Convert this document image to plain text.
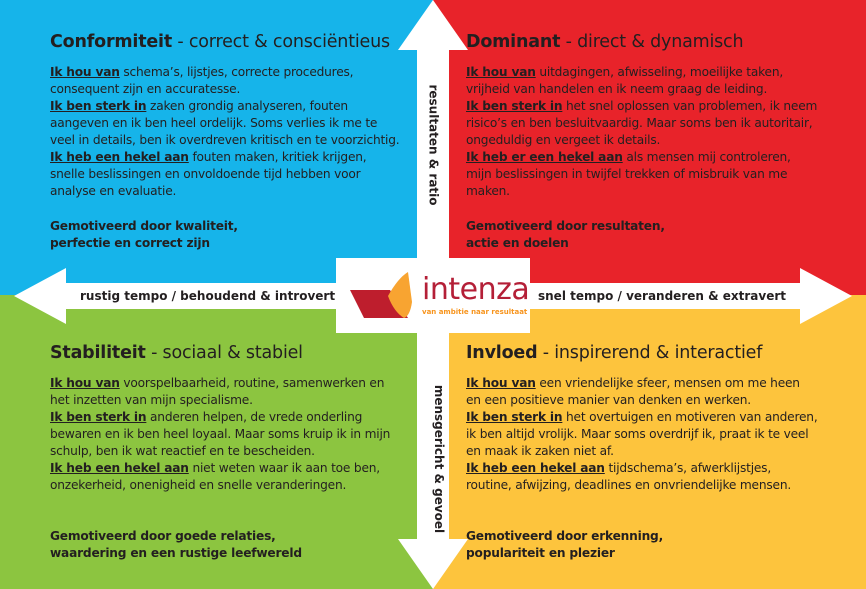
resultaten & ratio
mensgericht & gevoel
rustig tempo / behoudend & introvert	snel tempo / veranderen & extravert
intenza
van ambitie naar resultaat
Conformiteit - correct & consciëntieus
Ik hou van schema’s, lijstjes, correcte procedures, consequent zijn en accuratesse.
Ik ben sterk in zaken grondig analyseren, fouten aangeven en ik ben heel ordelijk. Soms verlies ik me te veel in details, ben ik overdreven kritisch en te voorzichtig.
Ik heb een hekel aan fouten maken, kritiek krijgen, snelle beslissingen en onvoldoende tijd hebben voor analyse en evaluatie.
Gemotiveerd door kwaliteit,
perfectie en correct zijn
Dominant - direct & dynamisch
Ik hou van uitdagingen, afwisseling, moeilijke taken, vrijheid van handelen en ik neem graag de leiding.
Ik ben sterk in het snel oplossen van problemen, ik neem risico’s en ben besluitvaardig. Maar soms ben ik autoritair, ongeduldig en vergeet ik details.
Ik heb er een hekel aan als mensen mij controleren, mijn beslissingen in twijfel trekken of misbruik van me maken.
Gemotiveerd door resultaten,
actie en doelen
Stabiliteit - sociaal & stabiel
Ik hou van voorspelbaarheid, routine, samenwerken en het inzetten van mijn specialisme.
Ik ben sterk in anderen helpen, de vrede onderling bewaren en ik ben heel loyaal. Maar soms kruip ik in mijn schulp, ben ik wat reactief en te bescheiden.
Ik heb een hekel aan niet weten waar ik aan toe ben, onzekerheid, onenigheid en snelle veranderingen.
Gemotiveerd door goede relaties,
waardering en een rustige leefwereld
Invloed - inspirerend & interactief
Ik hou van een vriendelijke sfeer, mensen om me heen en een positieve manier van denken en werken.
Ik ben sterk in het overtuigen en motiveren van anderen, ik ben altijd vrolijk. Maar soms overdrijf ik, praat ik te veel en maak ik zaken niet af.
Ik heb een hekel aan tijdschema’s, afwerklijstjes, routine, afwijzing, deadlines en onvriendelijke mensen.
Gemotiveerd door erkenning,
populariteit en plezier
